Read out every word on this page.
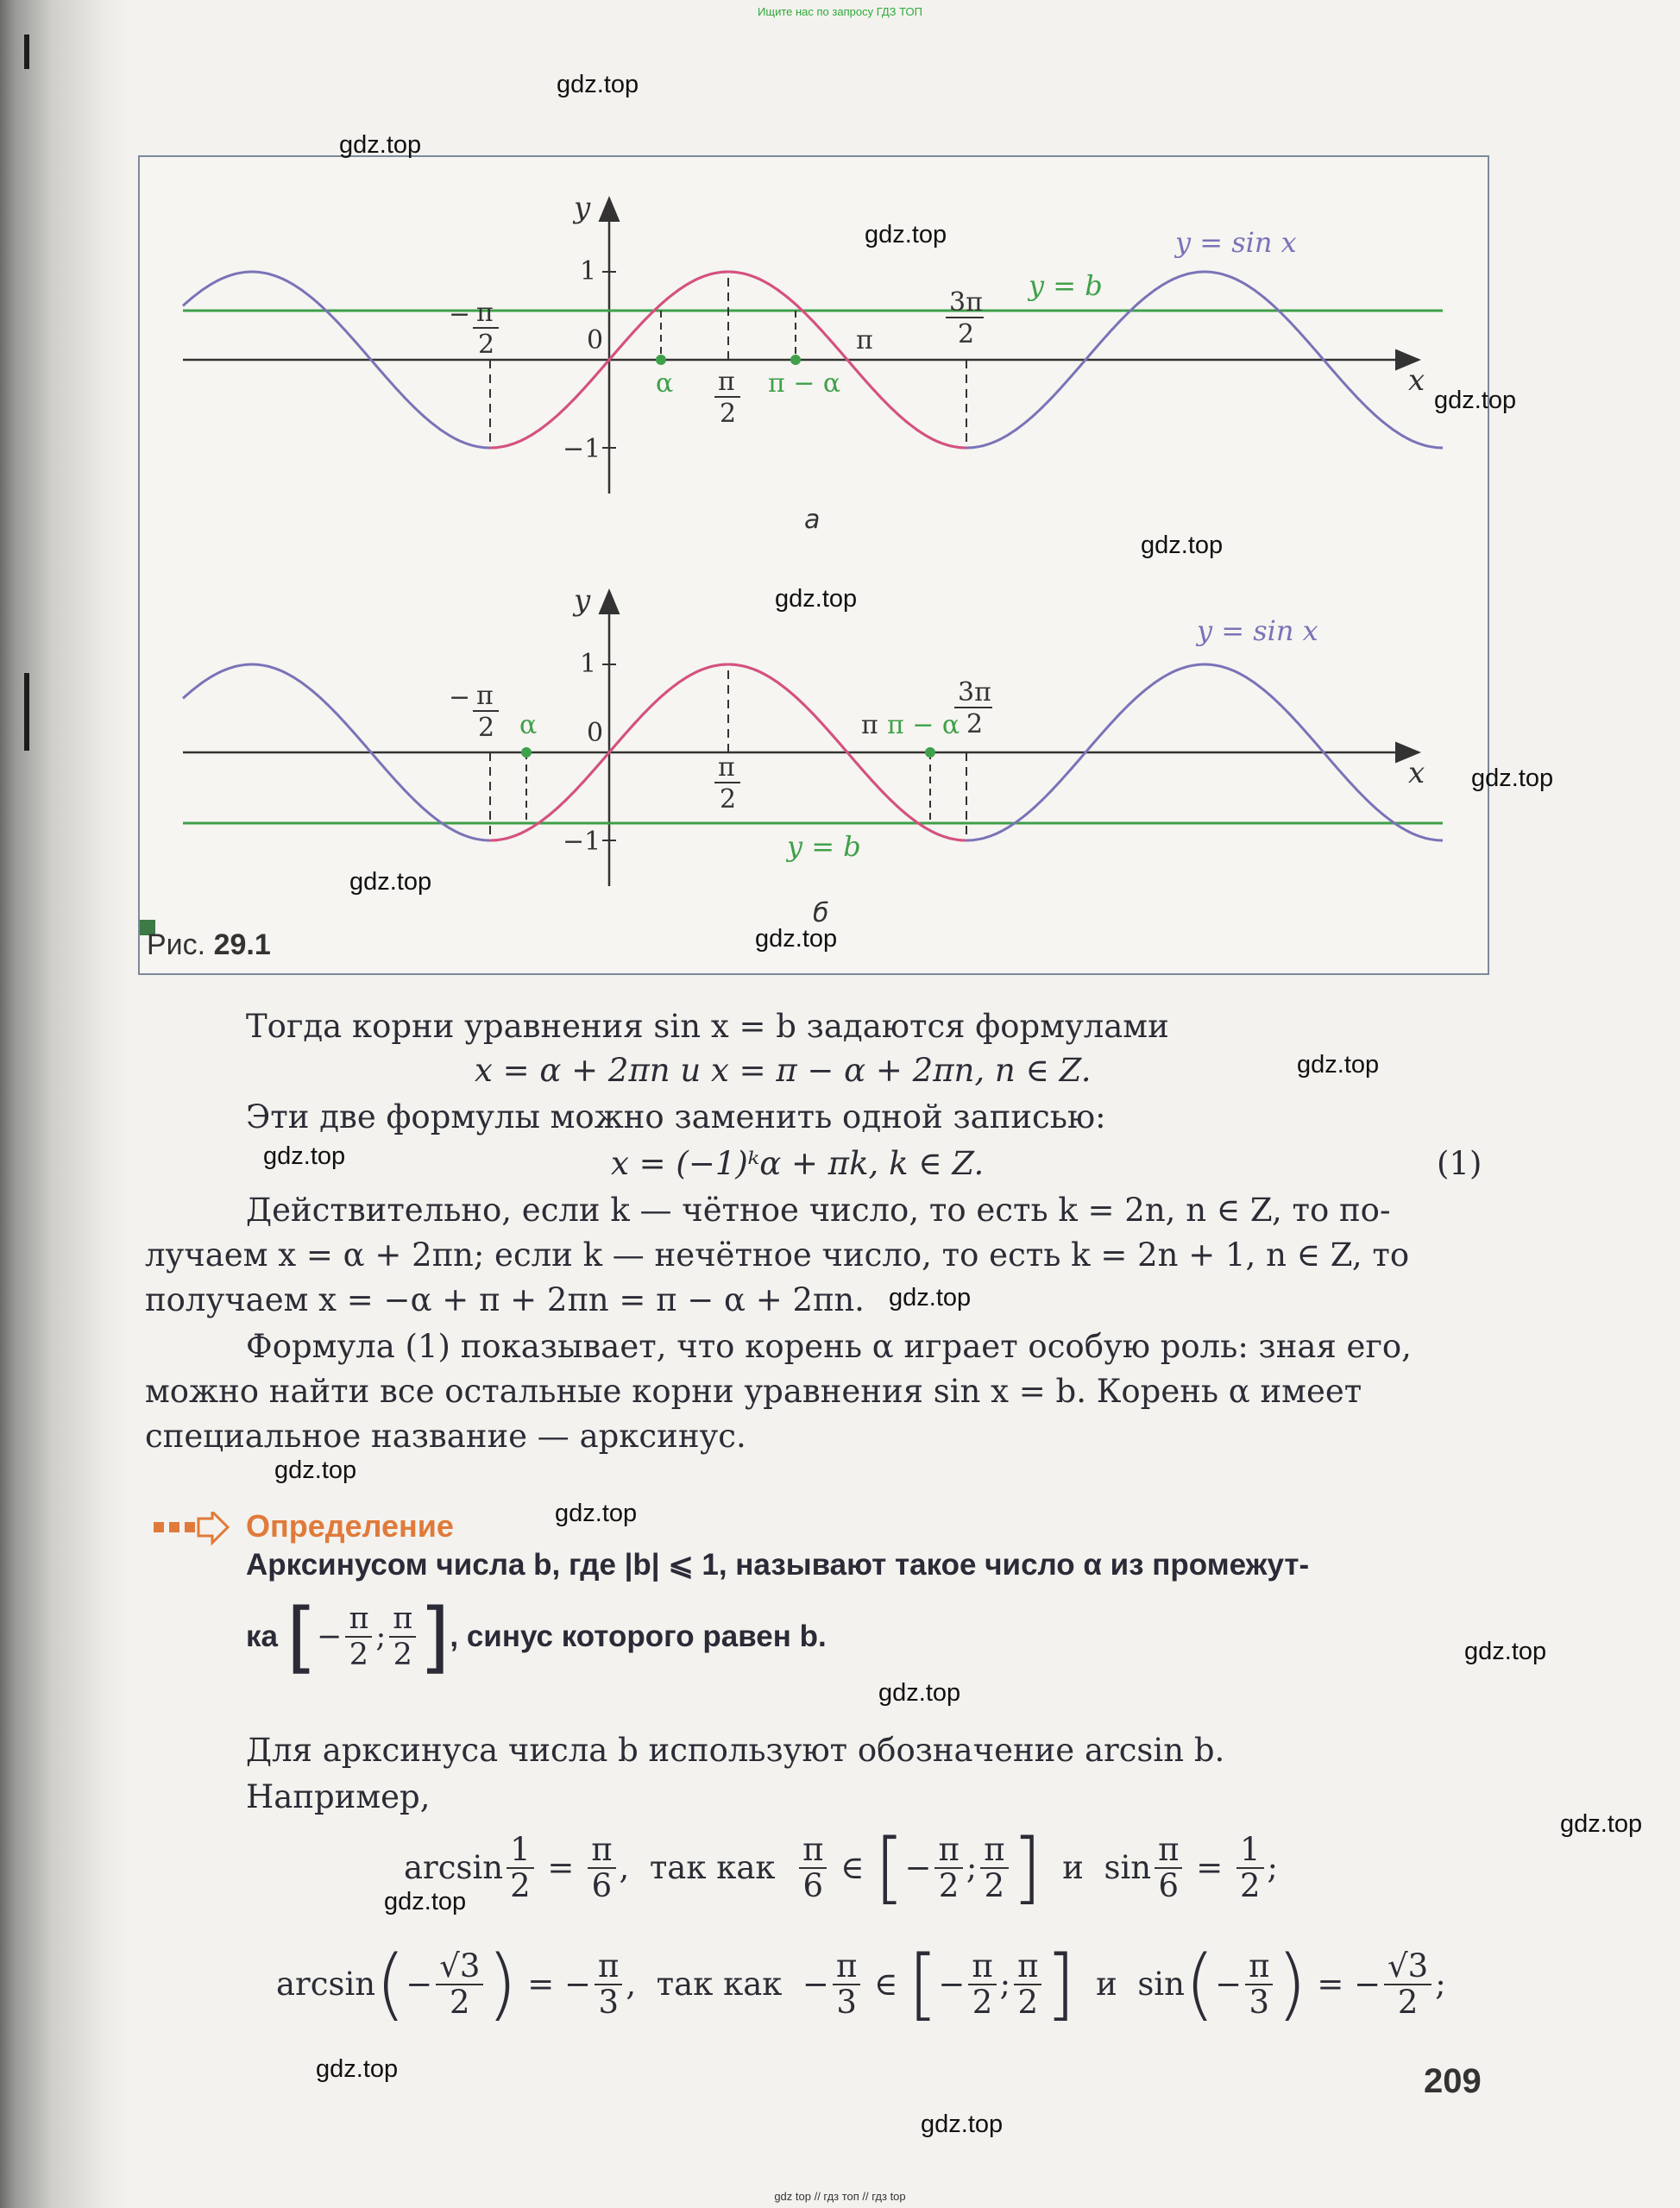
Ищите нас по запросу ГДЗ ТОП
y
x
1
−1
0
y = sin x
y = b
− π
2
α π
2
π − α
π
3π
2
а
y
x
1
−1
0
y = sin x
y = b
− π
2 α
π
2
π π − α
3π
2
б
Рис. 29.1
Тогда корни уравнения sin x = b задаются формулами
x = α + 2πn и x = π − α + 2πn, n ∈ Z.
Эти две формулы можно заменить одной записью:
x = (−1)ᵏα + πk, k ∈ Z.	(1)
Действительно, если k — чётное число, то есть k = 2n, n ∈ Z, то по-
лучаем x = α + 2πn; если k — нечётное число, то есть k = 2n + 1, n ∈ Z, то
получаем x = −α + π + 2πn = π − α + 2πn.
Формула (1) показывает, что корень α играет особую роль: зная его,
можно найти все остальные корни уравнения sin x = b. Корень α имеет
специальное название — арксинус.
Определение
Арксинусом числа b, где |b| ⩽ 1, называют такое число α из промежут-
ка [ − $\frac{\pi}{2}$ ; $\frac{\pi}{2}$ ] , синус которого равен b.
Для арксинуса числа b используют обозначение arcsin b.
Например,
$\arcsin \frac{1}{2} = \frac{\pi}{6}$ , так как
$\frac{\pi}{6}$ ∈ [ − $\frac{\pi}{2}$ ; $\frac{\pi}{2}$ ]
и
$\sin \frac{\pi}{6} = \frac{1}{2}$ ;
arcsin ( − $\frac{√3}{2}$ ) = − $\frac{\pi}{3}$ , так как − $\frac{\pi}{3}$ ∈ [ − $\frac{\pi}{2}$ ; $\frac{\pi}{2}$ ]
и
sin ( − $\frac{\pi}{3}$ ) = − $\frac{√3}{2}$ ;
209
gdz.top
gdz.top
gdz.top
gdz.top
gdz.top
gdz.top
gdz.top
gdz.top
gdz.top
gdz.top
gdz.top
gdz.top
gdz.top
gdz.top
gdz.top
gdz.top
gdz.top
gdz.top
gdz.top
gdz.top
gdz top // гдз топ // гдз top
